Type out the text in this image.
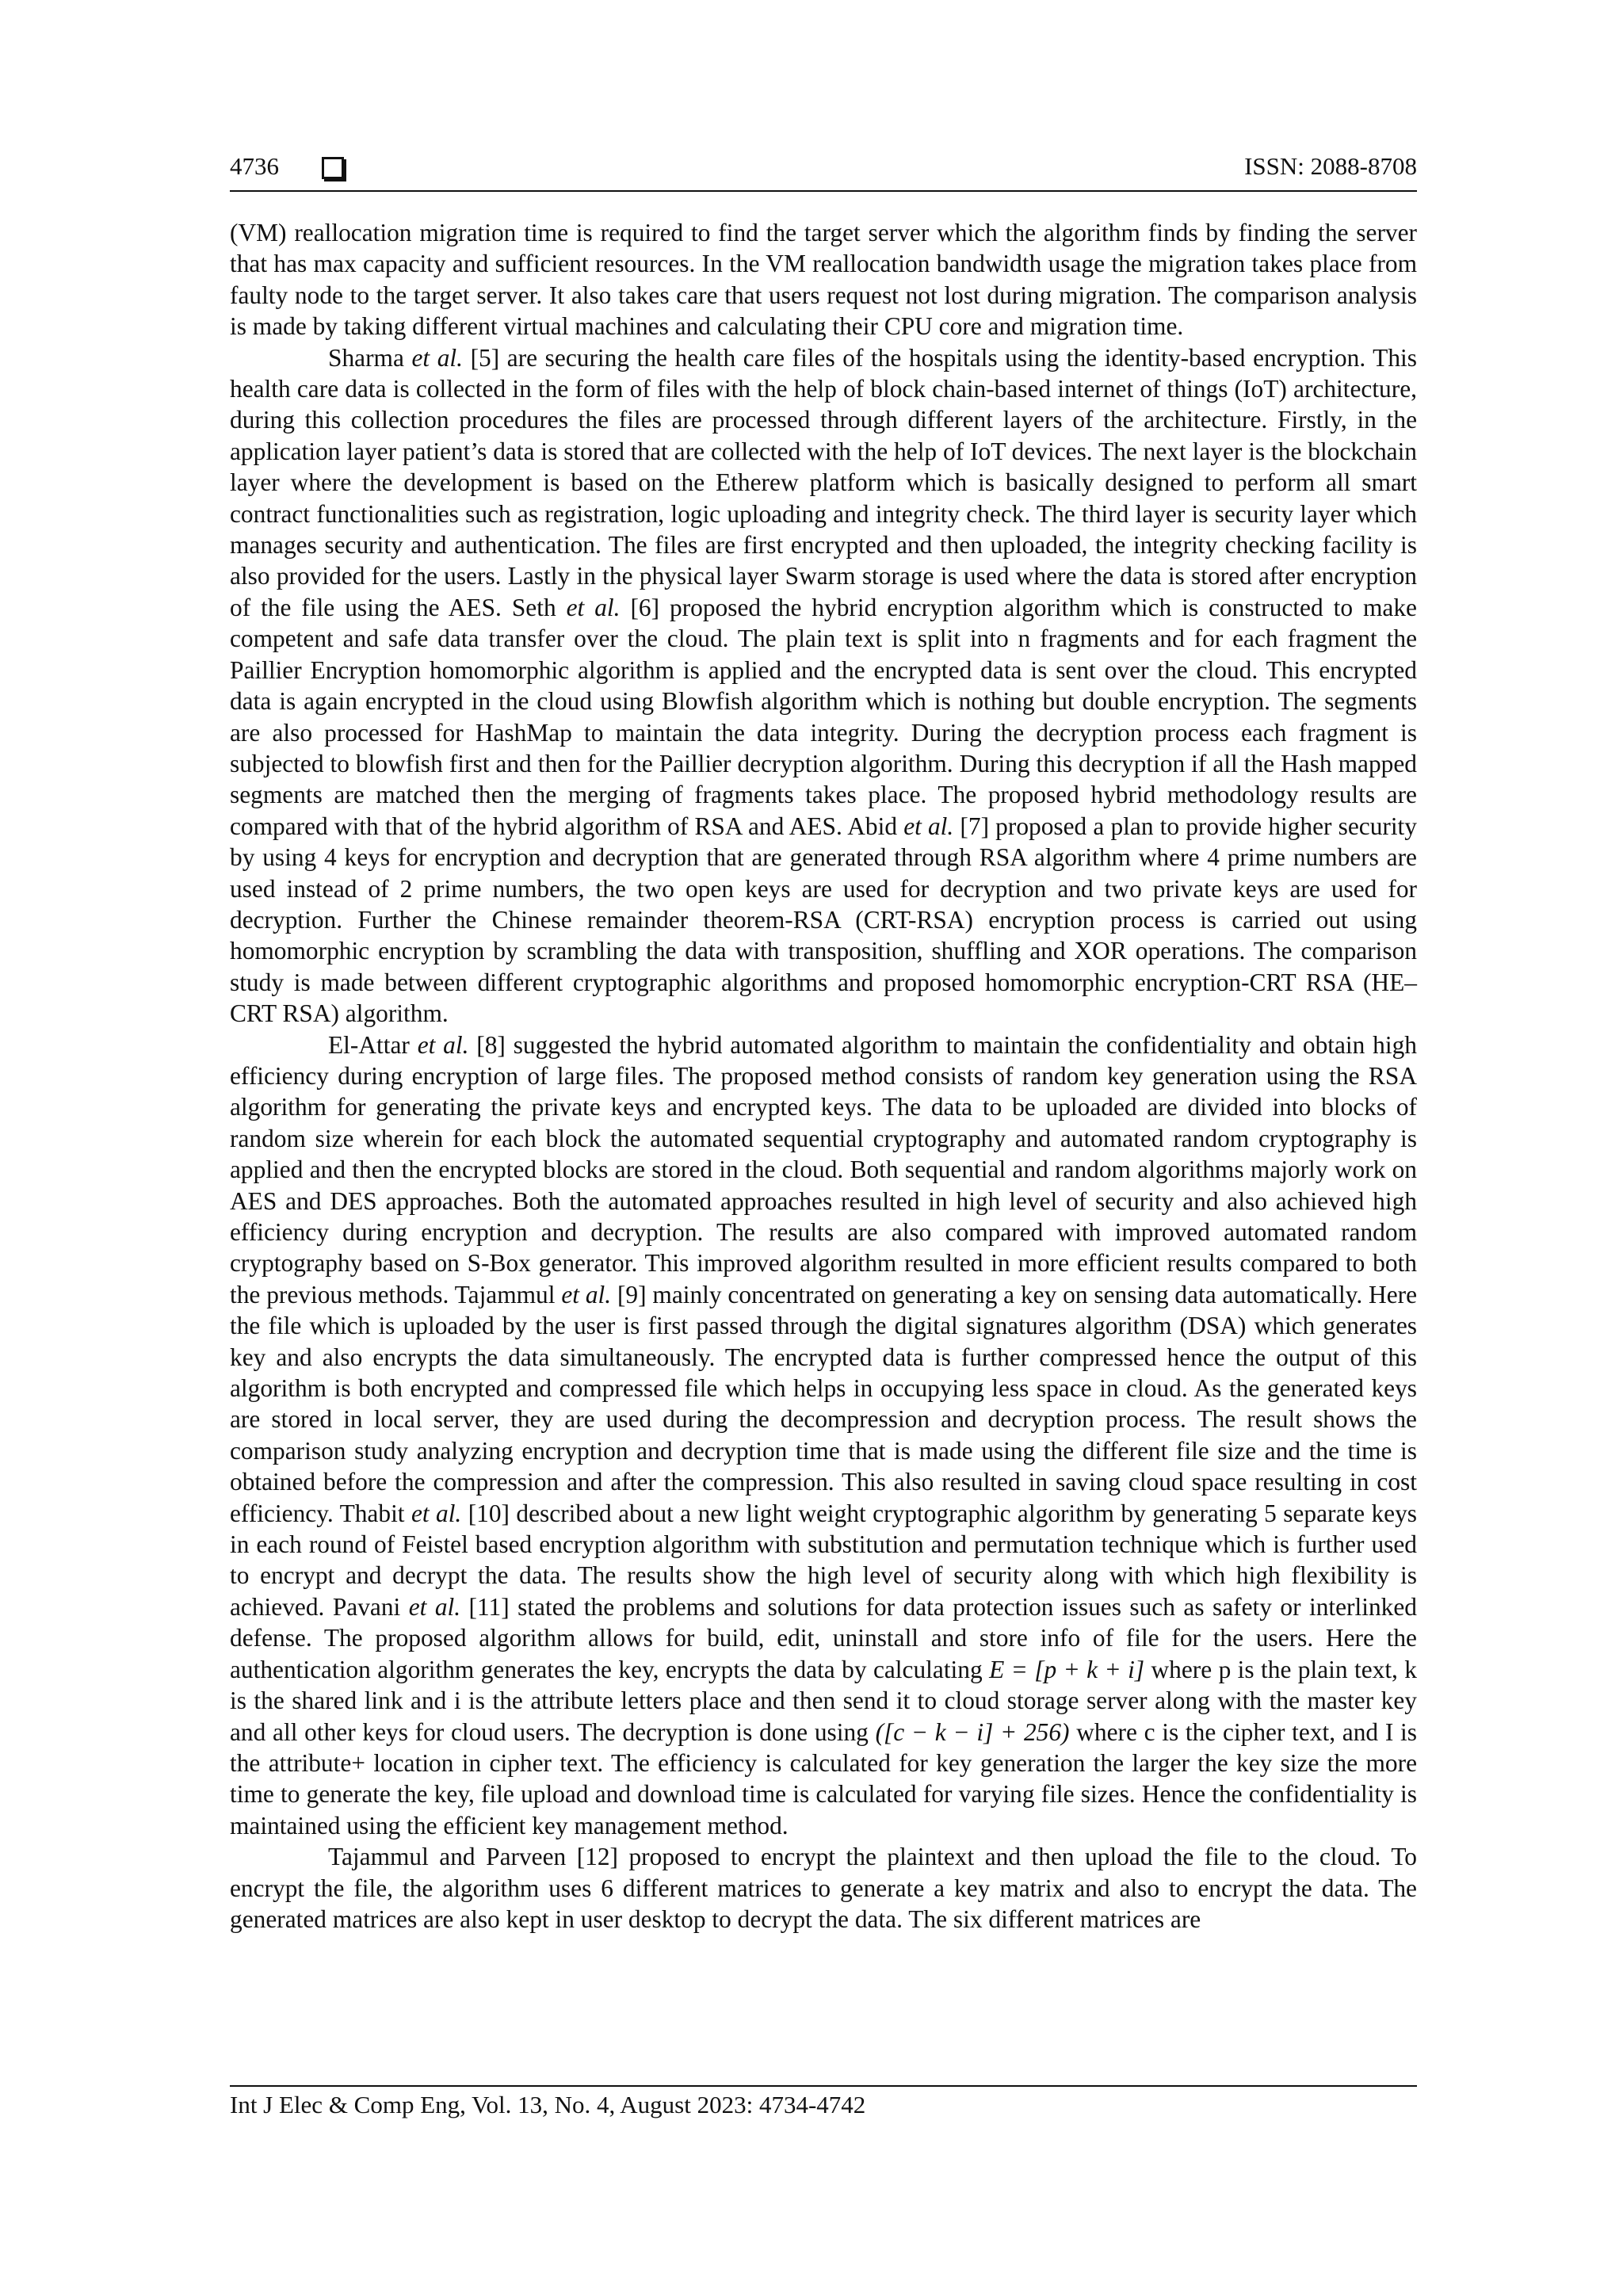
4736	ISSN: 2088-8708

(VM) reallocation migration time is required to find the target server which the algorithm finds by finding the server that has max capacity and sufficient resources. In the VM reallocation bandwidth usage the migration takes place from faulty node to the target server. It also takes care that users request not lost during migration. The comparison analysis is made by taking different virtual machines and calculating their CPU core and migration time.

Sharma et al. [5] are securing the health care files of the hospitals using the identity-based encryption. This health care data is collected in the form of files with the help of block chain-based internet of things (IoT) architecture, during this collection procedures the files are processed through different layers of the architecture. Firstly, in the application layer patient’s data is stored that are collected with the help of IoT devices. The next layer is the blockchain layer where the development is based on the Etherew platform which is basically designed to perform all smart contract functionalities such as registration, logic uploading and integrity check. The third layer is security layer which manages security and authentication. The files are first encrypted and then uploaded, the integrity checking facility is also provided for the users. Lastly in the physical layer Swarm storage is used where the data is stored after encryption of the file using the AES. Seth et al. [6] proposed the hybrid encryption algorithm which is constructed to make competent and safe data transfer over the cloud. The plain text is split into n fragments and for each fragment the Paillier Encryption homomorphic algorithm is applied and the encrypted data is sent over the cloud. This encrypted data is again encrypted in the cloud using Blowfish algorithm which is nothing but double encryption. The segments are also processed for HashMap to maintain the data integrity. During the decryption process each fragment is subjected to blowfish first and then for the Paillier decryption algorithm. During this decryption if all the Hash mapped segments are matched then the merging of fragments takes place. The proposed hybrid methodology results are compared with that of the hybrid algorithm of RSA and AES. Abid et al. [7] proposed a plan to provide higher security by using 4 keys for encryption and decryption that are generated through RSA algorithm where 4 prime numbers are used instead of 2 prime numbers, the two open keys are used for decryption and two private keys are used for decryption. Further the Chinese remainder theorem-RSA (CRT-RSA) encryption process is carried out using homomorphic encryption by scrambling the data with transposition, shuffling and XOR operations. The comparison study is made between different cryptographic algorithms and proposed homomorphic encryption-CRT RSA (HE–CRT RSA) algorithm.

El-Attar et al. [8] suggested the hybrid automated algorithm to maintain the confidentiality and obtain high efficiency during encryption of large files. The proposed method consists of random key generation using the RSA algorithm for generating the private keys and encrypted keys. The data to be uploaded are divided into blocks of random size wherein for each block the automated sequential cryptography and automated random cryptography is applied and then the encrypted blocks are stored in the cloud. Both sequential and random algorithms majorly work on AES and DES approaches. Both the automated approaches resulted in high level of security and also achieved high efficiency during encryption and decryption. The results are also compared with improved automated random cryptography based on S-Box generator. This improved algorithm resulted in more efficient results compared to both the previous methods. Tajammul et al. [9] mainly concentrated on generating a key on sensing data automatically. Here the file which is uploaded by the user is first passed through the digital signatures algorithm (DSA) which generates key and also encrypts the data simultaneously. The encrypted data is further compressed hence the output of this algorithm is both encrypted and compressed file which helps in occupying less space in cloud. As the generated keys are stored in local server, they are used during the decompression and decryption process. The result shows the comparison study analyzing encryption and decryption time that is made using the different file size and the time is obtained before the compression and after the compression. This also resulted in saving cloud space resulting in cost efficiency. Thabit et al. [10] described about a new light weight cryptographic algorithm by generating 5 separate keys in each round of Feistel based encryption algorithm with substitution and permutation technique which is further used to encrypt and decrypt the data. The results show the high level of security along with which high flexibility is achieved. Pavani et al. [11] stated the problems and solutions for data protection issues such as safety or interlinked defense. The proposed algorithm allows for build, edit, uninstall and store info of file for the users. Here the authentication algorithm generates the key, encrypts the data by calculating E = [p + k + i] where p is the plain text, k is the shared link and i is the attribute letters place and then send it to cloud storage server along with the master key and all other keys for cloud users. The decryption is done using ([c − k − i] + 256) where c is the cipher text, and I is the attribute+ location in cipher text. The efficiency is calculated for key generation the larger the key size the more time to generate the key, file upload and download time is calculated for varying file sizes. Hence the confidentiality is maintained using the efficient key management method.

Tajammul and Parveen [12] proposed to encrypt the plaintext and then upload the file to the cloud. To encrypt the file, the algorithm uses 6 different matrices to generate a key matrix and also to encrypt the data. The generated matrices are also kept in user desktop to decrypt the data. The six different matrices are

Int J Elec & Comp Eng, Vol. 13, No. 4, August 2023: 4734-4742
